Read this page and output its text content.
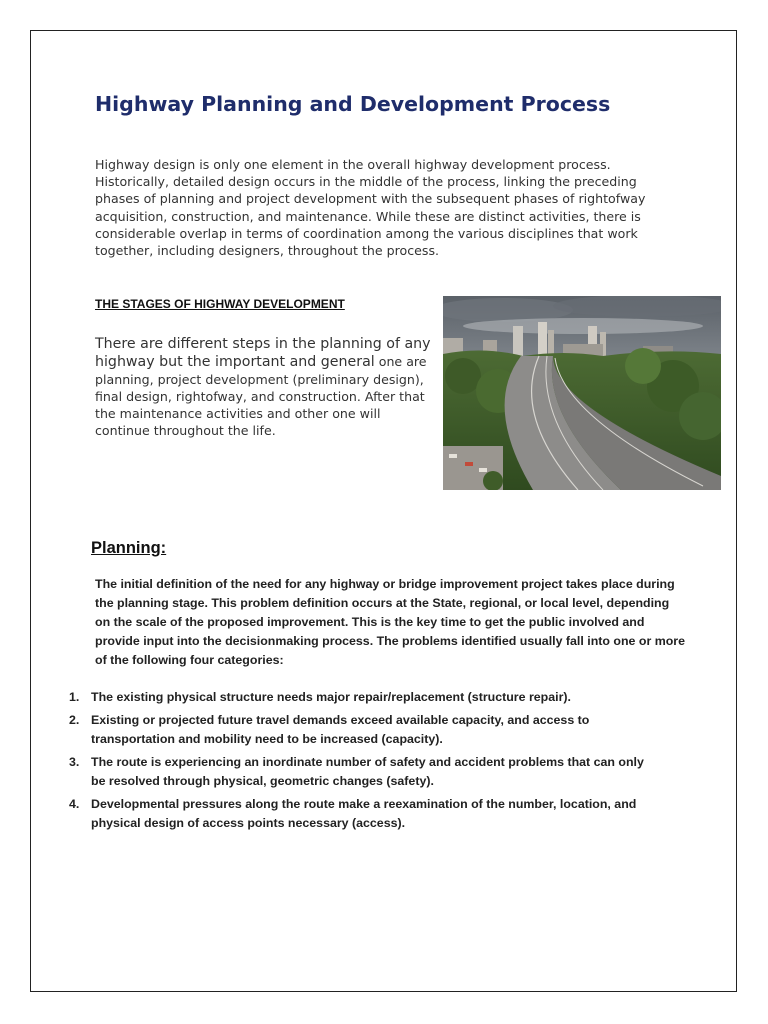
Highway Planning and Development Process

Highway design is only one element in the overall highway development process. Historically, detailed design occurs in the middle of the process, linking the preceding phases of planning and project development with the subsequent phases of rightofway acquisition, construction, and maintenance. While these are distinct activities, there is considerable overlap in terms of coordination among the various disciplines that work together, including designers, throughout the process.

THE STAGES OF HIGHWAY DEVELOPMENT

There are different steps in the planning of any highway but the important and general one are planning, project development (preliminary design), final design, rightofway, and construction. After that the maintenance activities and other one will continue throughout the life.

Planning:

The initial definition of the need for any highway or bridge improvement project takes place during the planning stage. This problem definition occurs at the State, regional, or local level, depending on the scale of the proposed improvement. This is the key time to get the public involved and provide input into the decisionmaking process. The problems identified usually fall into one or more of the following four categories:

1. The existing physical structure needs major repair/replacement (structure repair).
2. Existing or projected future travel demands exceed available capacity, and access to transportation and mobility need to be increased (capacity).
3. The route is experiencing an inordinate number of safety and accident problems that can only be resolved through physical, geometric changes (safety).
4. Developmental pressures along the route make a reexamination of the number, location, and physical design of access points necessary (access).
